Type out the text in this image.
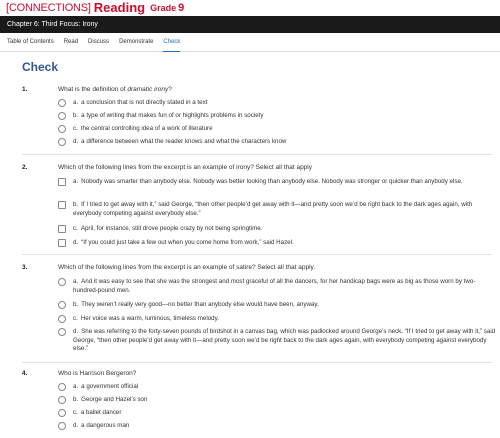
[CONNECTIONS] Reading Grade 9
Chapter 6: Third Focus: Irony
Table of Contents Read Discuss Demonstrate Check
Check
1.	What is the definition of dramatic irony?
a. a conclusion that is not directly stated in a text
b. a type of writing that makes fun of or highlights problems in society
c. the central controlling idea of a work of literature
d. a difference between what the reader knows and what the characters know
2.	Which of the following lines from the excerpt is an example of irony? Select all that apply
a. Nobody was smarter than anybody else. Nobody was better looking than anybody else. Nobody was stronger or quicker than anybody else.
b. If I tried to get away with it,” said George, “then other people’d get away with it—and pretty soon we’d be right back to the dark ages again, with everybody competing against everybody else.”
c. April, for instance, still drove people crazy by not being springtime.
d. “If you could just take a few out when you come home from work,” said Hazel.
3.	Which of the following lines from the excerpt is an example of satire? Select all that apply.
a. And it was easy to see that she was the strongest and most graceful of all the dancers, for her handicap bags were as big as those worn by two-hundred-pound men.
b. They weren’t really very good—no better than anybody else would have been, anyway.
c. Her voice was a warm, luminous, timeless melody.
d. She was referring to the forty-seven pounds of birdshot in a canvas bag, which was padlocked around George’s neck. “If I tried to get away with it,” said George, “then other people’d get away with it—and pretty soon we’d be right back to the dark ages again, with everybody competing against everybody else.”
4.	Who is Harrison Bergeron?
a. a government official
b. George and Hazel’s son
c. a ballet dancer
d. a dangerous man
